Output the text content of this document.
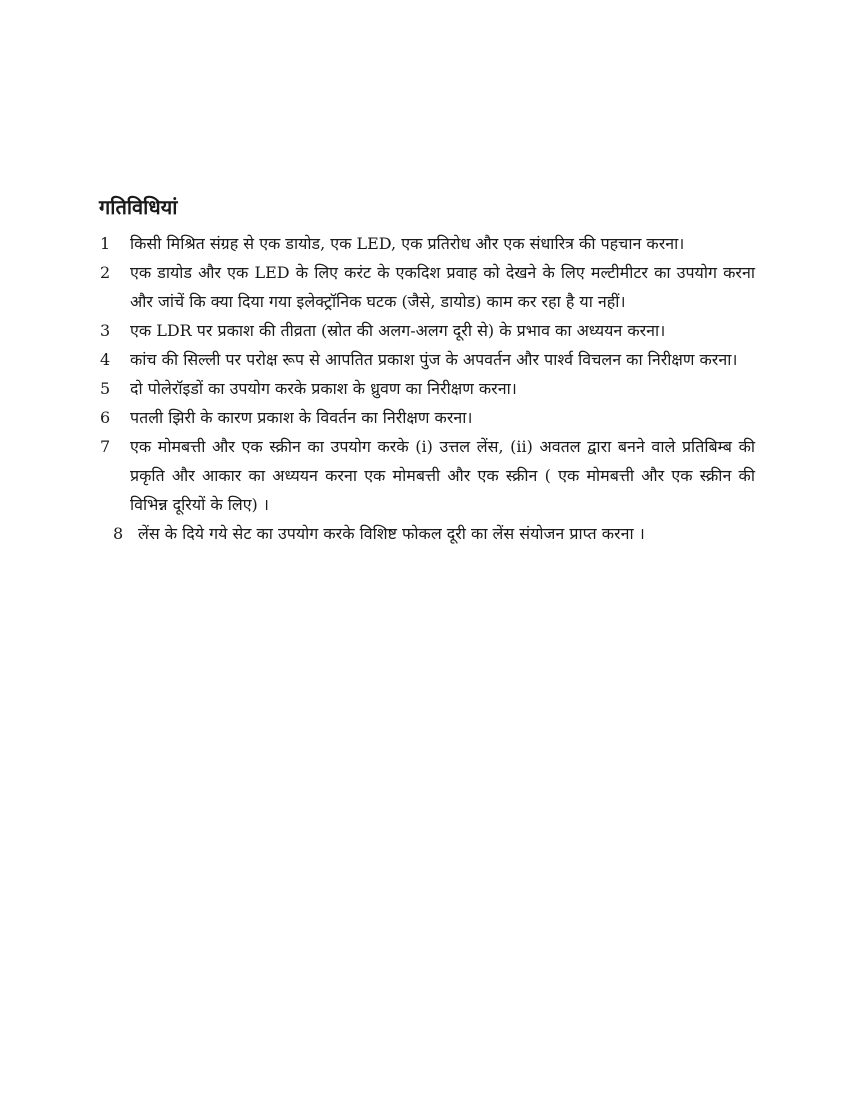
गतिविधियां
1	किसी मिश्रित संग्रह से एक डायोड, एक LED, एक प्रतिरोध और एक संधारित्र की पहचान करना।
2	एक डायोड और एक LED के लिए करंट के एकदिश प्रवाह को देखने के लिए मल्टीमीटर का उपयोग करना और जांचें कि क्या दिया गया इलेक्ट्रॉनिक घटक (जैसे, डायोड) काम कर रहा है या नहीं।
3	एक LDR पर प्रकाश की तीव्रता (स्रोत की अलग-अलग दूरी से) के प्रभाव का अध्ययन करना।
4	कांच की सिल्ली पर परोक्ष रूप से आपतित प्रकाश पुंज के अपवर्तन और पार्श्व विचलन का निरीक्षण करना।
5	दो पोलेरॉइडों का उपयोग करके प्रकाश के ध्रुवण का निरीक्षण करना।
6	पतली झिरी के कारण प्रकाश के विवर्तन का निरीक्षण करना।
7	एक मोमबत्ती और एक स्क्रीन का उपयोग करके (i) उत्तल लेंस, (ii) अवतल द्वारा बनने वाले प्रतिबिम्ब की प्रकृति और आकार का अध्ययन करना एक मोमबत्ती और एक स्क्रीन ( एक मोमबत्ती और एक स्क्रीन की विभिन्न दूरियों के लिए) ।
8 लेंस के दिये गये सेट का उपयोग करके विशिष्ट फोकल दूरी का लेंस संयोजन प्राप्त करना ।
